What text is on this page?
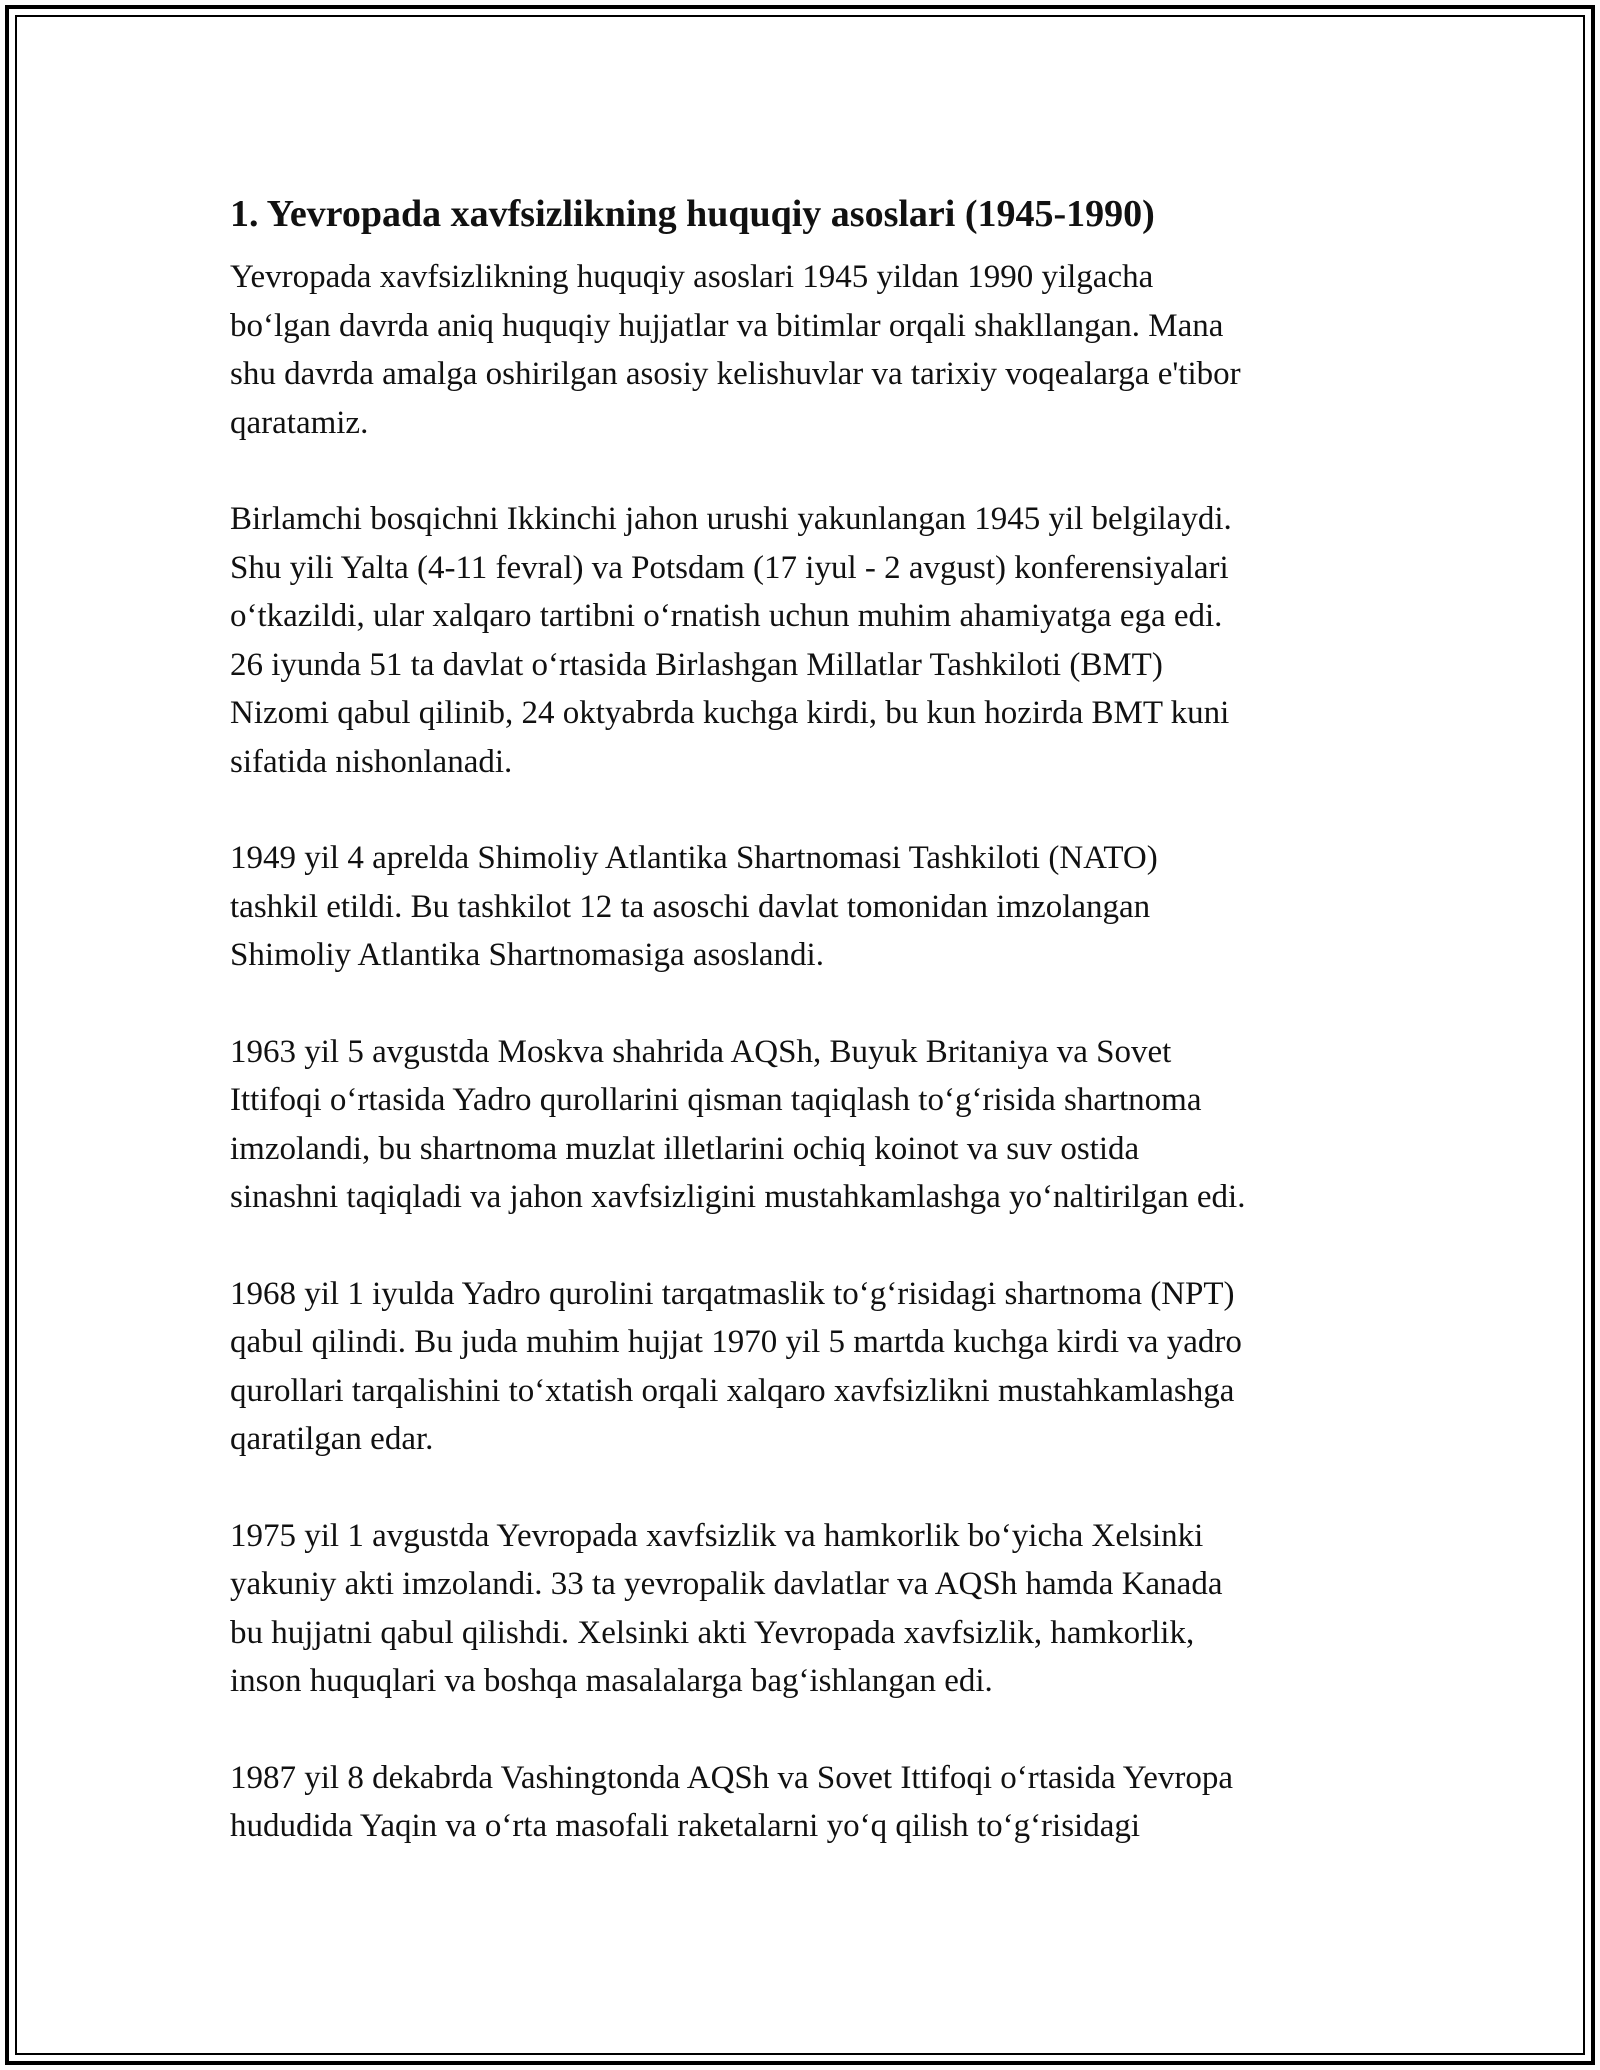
1. Yevropada xavfsizlikning huquqiy asoslari (1945-1990)
Yevropada xavfsizlikning huquqiy asoslari 1945 yildan 1990 yilgacha
bo‘lgan davrda aniq huquqiy hujjatlar va bitimlar orqali shakllangan. Mana
shu davrda amalga oshirilgan asosiy kelishuvlar va tarixiy voqealarga e'tibor
qaratamiz.
Birlamchi bosqichni Ikkinchi jahon urushi yakunlangan 1945 yil belgilaydi.
Shu yili Yalta (4-11 fevral) va Potsdam (17 iyul - 2 avgust) konferensiyalari
o‘tkazildi, ular xalqaro tartibni o‘rnatish uchun muhim ahamiyatga ega edi.
26 iyunda 51 ta davlat o‘rtasida Birlashgan Millatlar Tashkiloti (BMT)
Nizomi qabul qilinib, 24 oktyabrda kuchga kirdi, bu kun hozirda BMT kuni
sifatida nishonlanadi.
1949 yil 4 aprelda Shimoliy Atlantika Shartnomasi Tashkiloti (NATO)
tashkil etildi. Bu tashkilot 12 ta asoschi davlat tomonidan imzolangan
Shimoliy Atlantika Shartnomasiga asoslandi.
1963 yil 5 avgustda Moskva shahrida AQSh, Buyuk Britaniya va Sovet
Ittifoqi o‘rtasida Yadro qurollarini qisman taqiqlash to‘g‘risida shartnoma
imzolandi, bu shartnoma muzlat illetlarini ochiq koinot va suv ostida
sinashni taqiqladi va jahon xavfsizligini mustahkamlashga yo‘naltirilgan edi.
1968 yil 1 iyulda Yadro qurolini tarqatmaslik to‘g‘risidagi shartnoma (NPT)
qabul qilindi. Bu juda muhim hujjat 1970 yil 5 martda kuchga kirdi va yadro
qurollari tarqalishini to‘xtatish orqali xalqaro xavfsizlikni mustahkamlashga
qaratilgan edar.
1975 yil 1 avgustda Yevropada xavfsizlik va hamkorlik bo‘yicha Xelsinki
yakuniy akti imzolandi. 33 ta yevropalik davlatlar va AQSh hamda Kanada
bu hujjatni qabul qilishdi. Xelsinki akti Yevropada xavfsizlik, hamkorlik,
inson huquqlari va boshqa masalalarga bag‘ishlangan edi.
1987 yil 8 dekabrda Vashingtonda AQSh va Sovet Ittifoqi o‘rtasida Yevropa
hududida Yaqin va o‘rta masofali raketalarni yo‘q qilish to‘g‘risidagi
